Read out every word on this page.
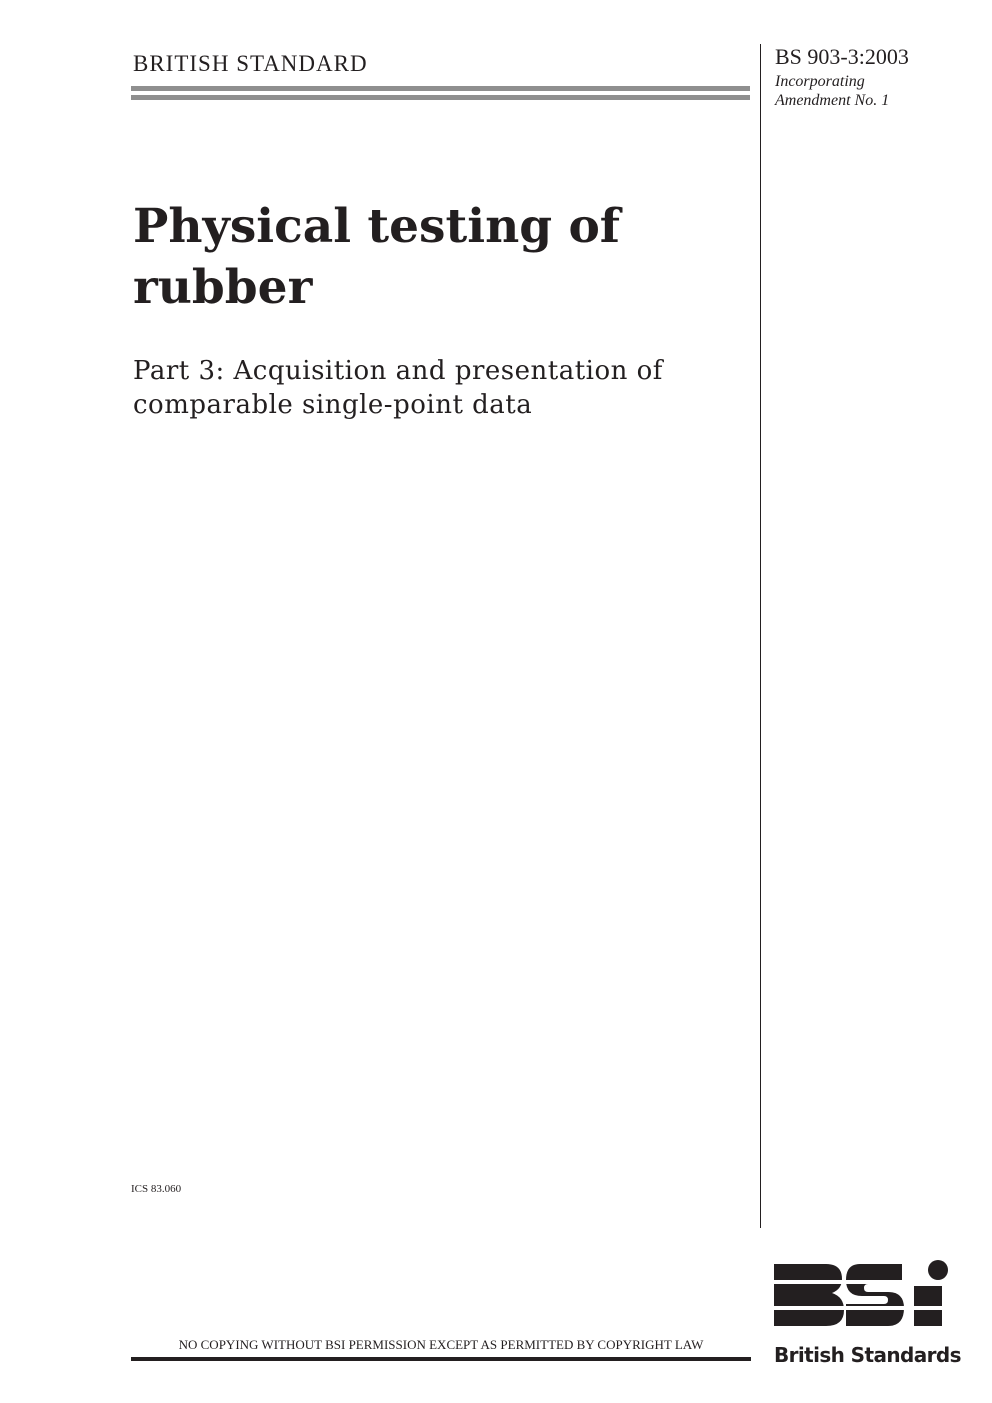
BRITISH STANDARD	BS 903-3:2003
Incorporating
Amendment No. 1
Physical testing of rubber
Part 3: Acquisition and presentation of comparable single-point data
ICS 83.060
NO COPYING WITHOUT BSI PERMISSION EXCEPT AS PERMITTED BY COPYRIGHT LAW	British Standards
